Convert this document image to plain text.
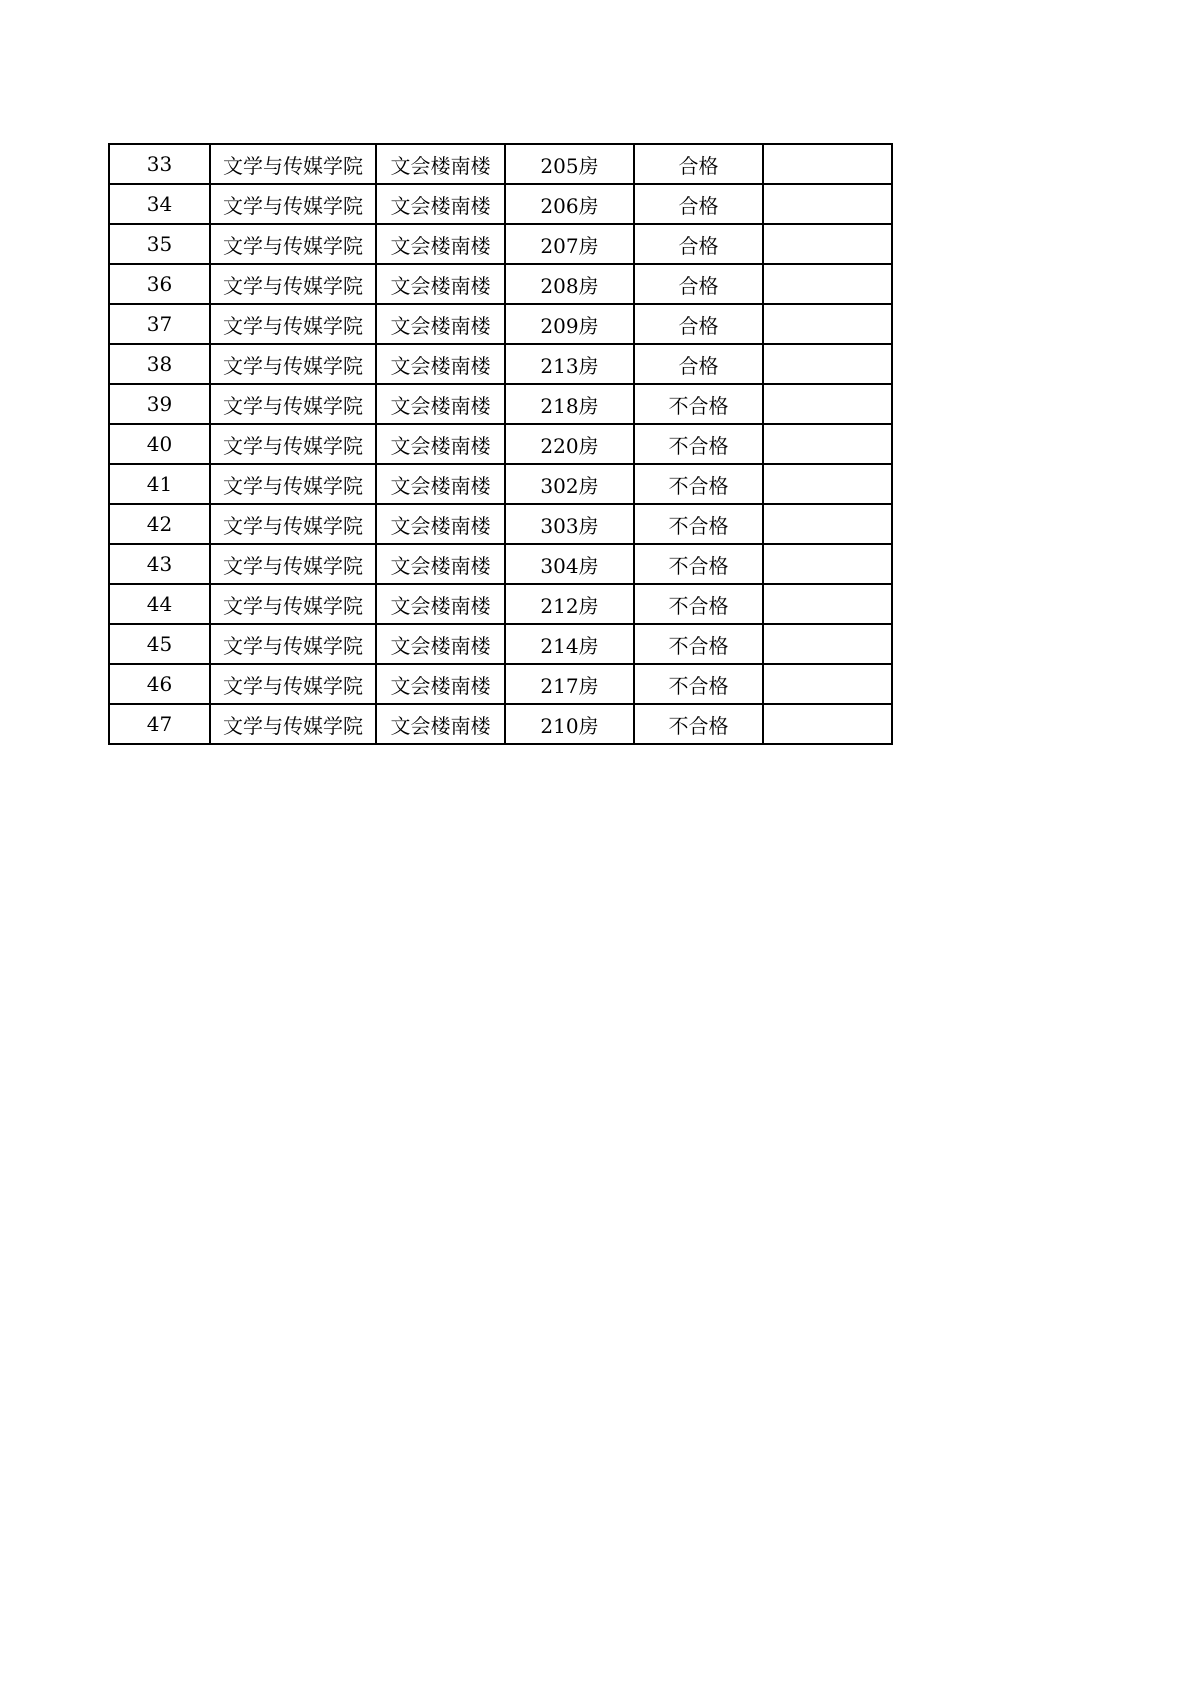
33	文学与传媒学院	文会楼南楼	205房	合格	
34	文学与传媒学院	文会楼南楼	206房	合格	
35	文学与传媒学院	文会楼南楼	207房	合格	
36	文学与传媒学院	文会楼南楼	208房	合格	
37	文学与传媒学院	文会楼南楼	209房	合格	
38	文学与传媒学院	文会楼南楼	213房	合格	
39	文学与传媒学院	文会楼南楼	218房	不合格	
40	文学与传媒学院	文会楼南楼	220房	不合格	
41	文学与传媒学院	文会楼南楼	302房	不合格	
42	文学与传媒学院	文会楼南楼	303房	不合格	
43	文学与传媒学院	文会楼南楼	304房	不合格	
44	文学与传媒学院	文会楼南楼	212房	不合格	
45	文学与传媒学院	文会楼南楼	214房	不合格	
46	文学与传媒学院	文会楼南楼	217房	不合格	
47	文学与传媒学院	文会楼南楼	210房	不合格	
